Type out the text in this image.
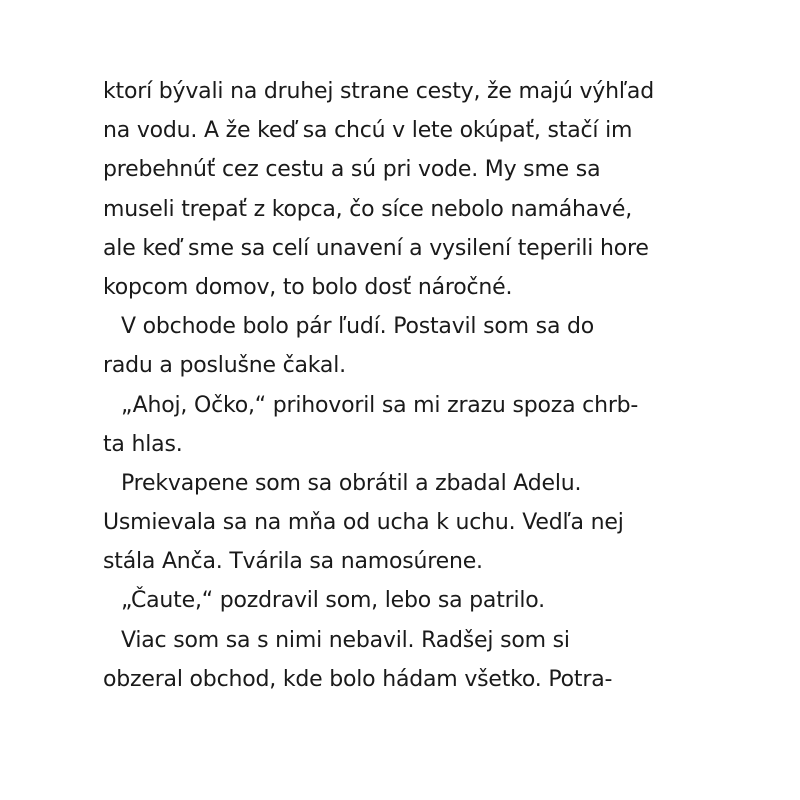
ktorí bývali na druhej strane cesty, že majú výhľad
na vodu. A že keď sa chcú v lete okúpať, stačí im
prebehnúť cez cestu a sú pri vode. My sme sa
museli trepať z kopca, čo síce nebolo namáhavé,
ale keď sme sa celí unavení a vysilení teperili hore
kopcom domov, to bolo dosť náročné.
V obchode bolo pár ľudí. Postavil som sa do
radu a poslušne čakal.
„Ahoj, Očko,“ prihovoril sa mi zrazu spoza chrb-
ta hlas.
Prekvapene som sa obrátil a zbadal Adelu.
Usmievala sa na mňa od ucha k uchu. Vedľa nej
stála Anča. Tvárila sa namosúrene.
„Čaute,“ pozdravil som, lebo sa patrilo.
Viac som sa s nimi nebavil. Radšej som si
obzeral obchod, kde bolo hádam všetko. Potra-
